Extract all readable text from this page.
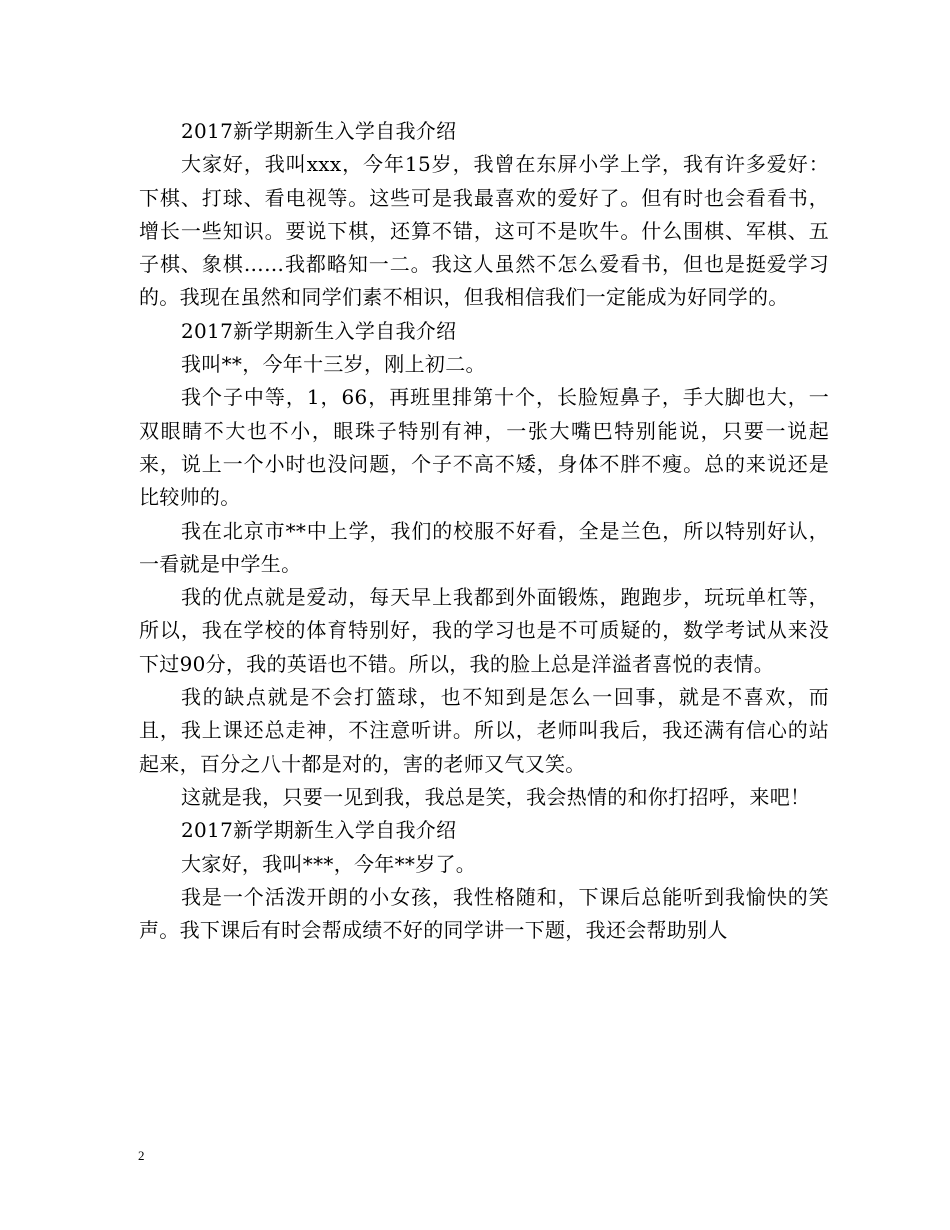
2017新学期新生入学自我介绍

大家好，我叫xxx，今年15岁，我曾在东屏小学上学，我有许多爱好：下棋、打球、看电视等。这些可是我最喜欢的爱好了。但有时也会看看书，增长一些知识。要说下棋，还算不错，这可不是吹牛。什么围棋、军棋、五子棋、象棋……我都略知一二。我这人虽然不怎么爱看书，但也是挺爱学习的。我现在虽然和同学们素不相识，但我相信我们一定能成为好同学的。

2017新学期新生入学自我介绍

我叫**，今年十三岁，刚上初二。

我个子中等，1，66，再班里排第十个，长脸短鼻子，手大脚也大，一双眼睛不大也不小，眼珠子特别有神，一张大嘴巴特别能说，只要一说起来，说上一个小时也没问题，个子不高不矮，身体不胖不瘦。总的来说还是比较帅的。

我在北京市**中上学，我们的校服不好看，全是兰色，所以特别好认，一看就是中学生。

我的优点就是爱动，每天早上我都到外面锻炼，跑跑步，玩玩单杠等，所以，我在学校的体育特别好，我的学习也是不可质疑的，数学考试从来没下过90分，我的英语也不错。所以，我的脸上总是洋溢者喜悦的表情。

我的缺点就是不会打篮球，也不知到是怎么一回事，就是不喜欢，而且，我上课还总走神，不注意听讲。所以，老师叫我后，我还满有信心的站起来，百分之八十都是对的，害的老师又气又笑。

这就是我，只要一见到我，我总是笑，我会热情的和你打招呼，来吧！

2017新学期新生入学自我介绍

大家好，我叫***，今年**岁了。

我是一个活泼开朗的小女孩，我性格随和，下课后总能听到我愉快的笑声。我下课后有时会帮成绩不好的同学讲一下题，我还会帮助别人

2
